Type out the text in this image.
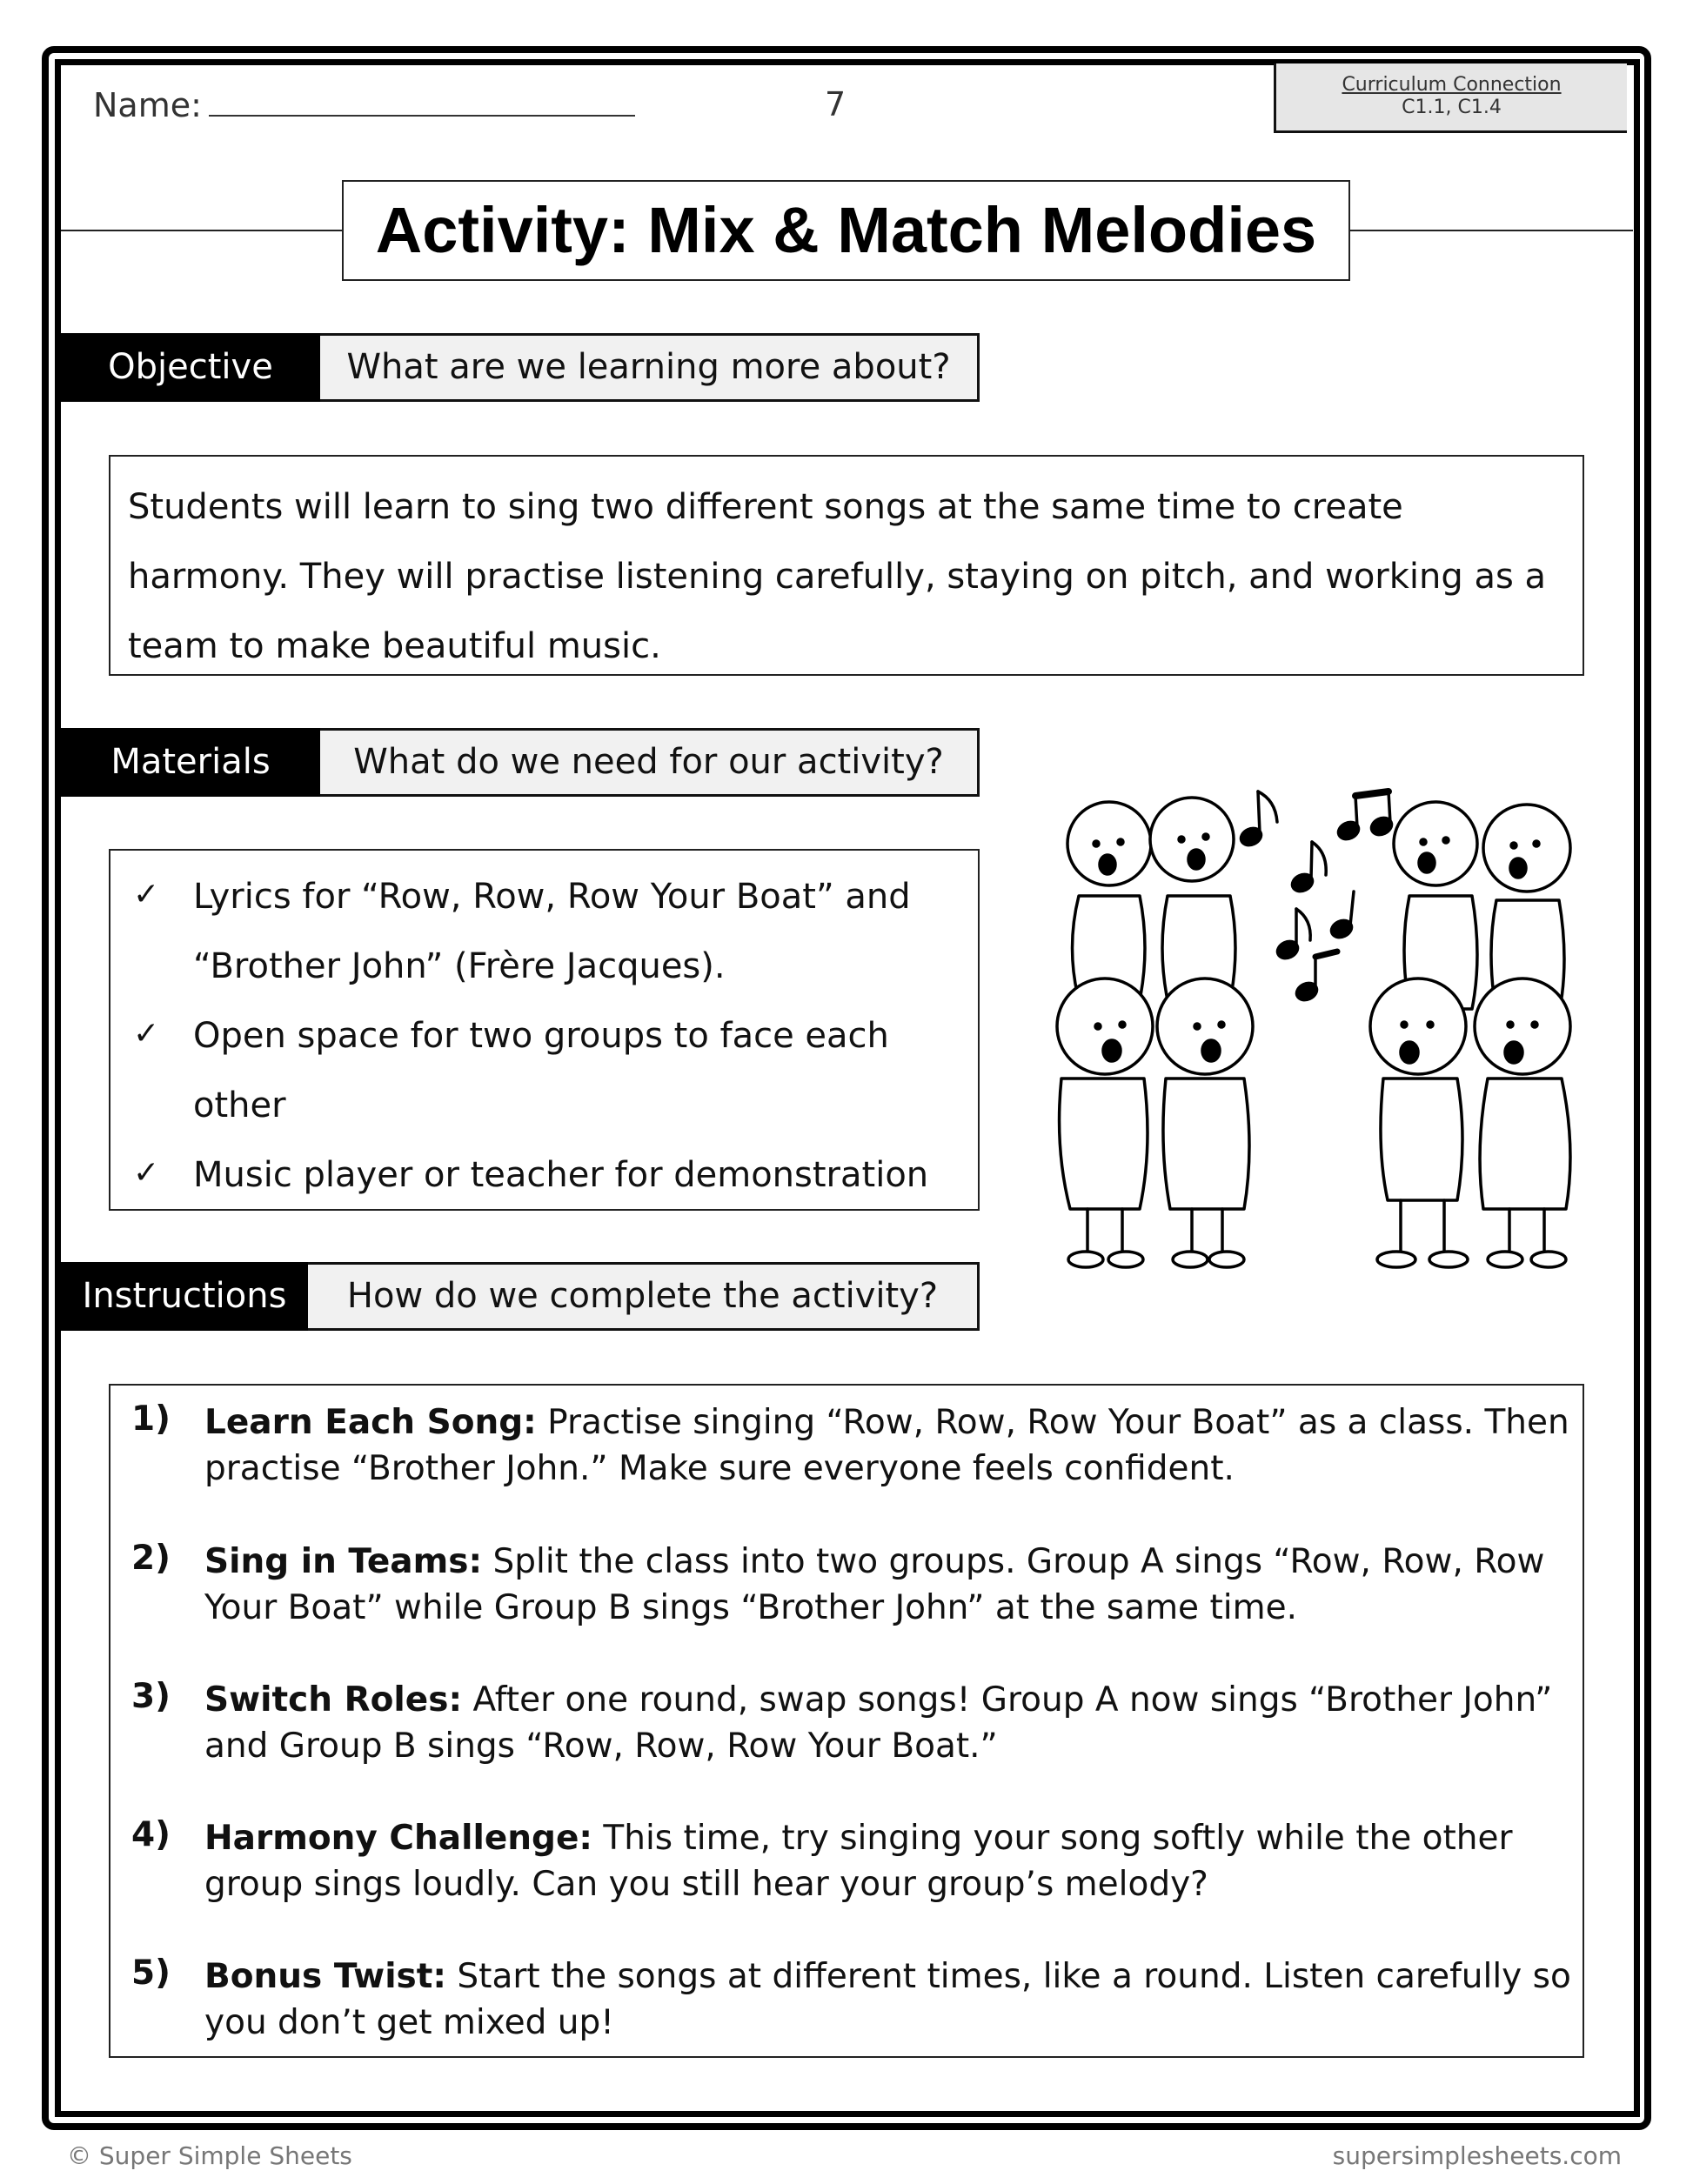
Name:	7
Curriculum Connection
C1.1, C1.4
Activity: Mix & Match Melodies
Objective	What are we learning more about?
Students will learn to sing two different songs at the same time to create
harmony. They will practise listening carefully, staying on pitch, and working as a
team to make beautiful music.
Materials	What do we need for our activity?
✓ Lyrics for “Row, Row, Row Your Boat” and
“Brother John” (Frère Jacques).
✓ Open space for two groups to face each
other
✓ Music player or teacher for demonstration
Instructions	How do we complete the activity?
1) Learn Each Song: Practise singing “Row, Row, Row Your Boat” as a class. Then practise “Brother John.” Make sure everyone feels confident.
2) Sing in Teams: Split the class into two groups. Group A sings “Row, Row, Row Your Boat” while Group B sings “Brother John” at the same time.
3) Switch Roles: After one round, swap songs! Group A now sings “Brother John” and Group B sings “Row, Row, Row Your Boat.”
4) Harmony Challenge: This time, try singing your song softly while the other group sings loudly. Can you still hear your group’s melody?
5) Bonus Twist: Start the songs at different times, like a round. Listen carefully so you don’t get mixed up!
© Super Simple Sheets	supersimplesheets.com
